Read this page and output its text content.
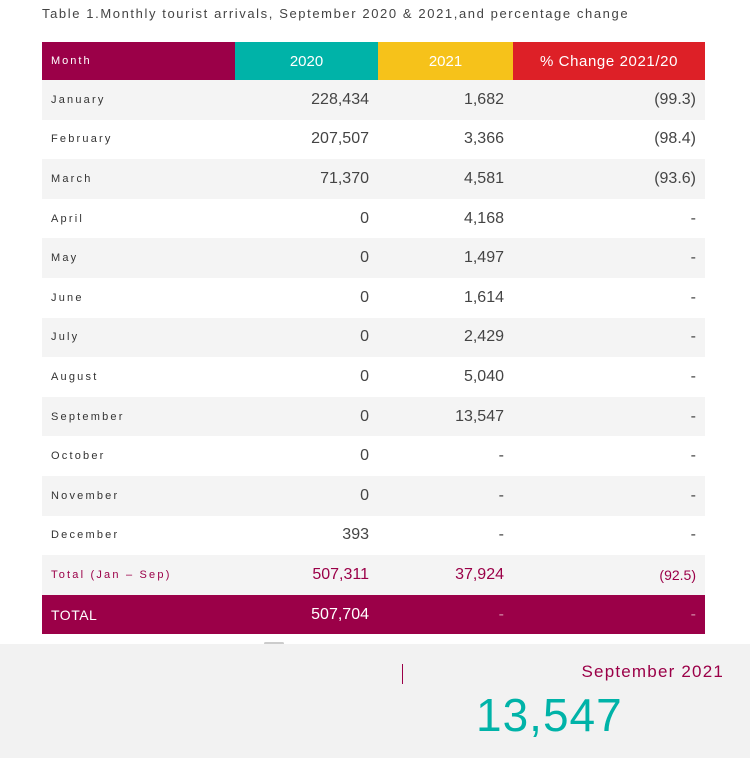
Table 1.Monthly tourist arrivals, September 2020 & 2021,and percentage change
Month	2020	2021	% Change 2021/20
January	228,434	1,682	(99.3)
February	207,507	3,366	(98.4)
March	71,370	4,581	(93.6)
April	0	4,168	-
May	0	1,497	-
June	0	1,614	-
July	0	2,429	-
August	0	5,040	-
September	0	13,547	-
October	0	-	-
November	0	-	-
December	393	-	-
Total (Jan – Sep)	507,311	37,924	(92.5)
TOTAL	507,704	-	-
September 2021
13,547
